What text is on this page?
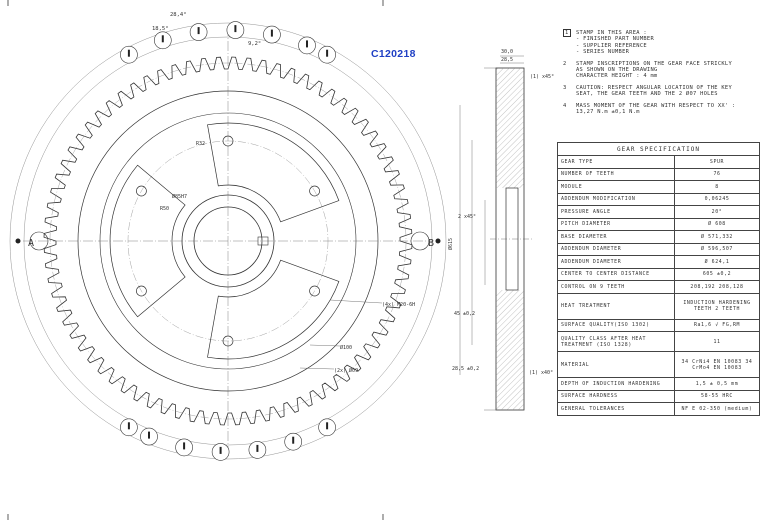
A	B
28,4°
18,5°
9,2°
R32
R50
Ø85H7
(4x) M20-6H
Ø100
(2x) Ø09
30,0
28,5
(1) x45°
(1) x40°
2 x45°
28,5 ±0,2
45 ±0,2
Ø615
C120218
1	STAMP IN THIS AREA :
- FINISHED PART NUMBER
- SUPPLIER REFERENCE
- SERIES NUMBER
2	STAMP INSCRIPTIONS ON THE GEAR FACE STRICKLY
AS SHOWN ON THE DRAWING
CHARACTER HEIGHT : 4 mm
3	CAUTION: RESPECT ANGULAR LOCATION OF THE KEY
SEAT, THE GEAR TEETH AND THE 2 Ø07 HOLES
4	MASS MOMENT OF THE GEAR WITH RESPECT TO XX' :
13,27 N.m ±0,1 N.m
GEAR SPECIFICATION	
GEAR TYPE	SPUR
NUMBER OF TEETH	76
MODULE	8
ADDENDUM MODIFICATION	0,06245
PRESSURE ANGLE	20°
PITCH DIAMETER	Ø 608
BASE DIAMETER	Ø 571,332
ADDENDUM DIAMETER	Ø 596,507
ADDENDUM DIAMETER	Ø 624,1
CENTER TO CENTER DISTANCE	605 ±0,2
CONTROL ON 9 TEETH	208,192 208,128
HEAT TREATMENT	INDUCTION HARDENING TEETH 2 TEETH
SURFACE QUALITY(ISO 1302)	Ra1,6 √ FG,RM
QUALITY CLASS AFTER HEAT TREATMENT (ISO 1328)	11
MATERIAL	34 CrNi4 EN 10083 34 CrMo4 EN 10083
DEPTH OF INDUCTION HARDENING	1,5 ± 0,5 mm
SURFACE HARDNESS	58-55 HRC
GENERAL TOLERANCES	NF E 02-350 (medium)
